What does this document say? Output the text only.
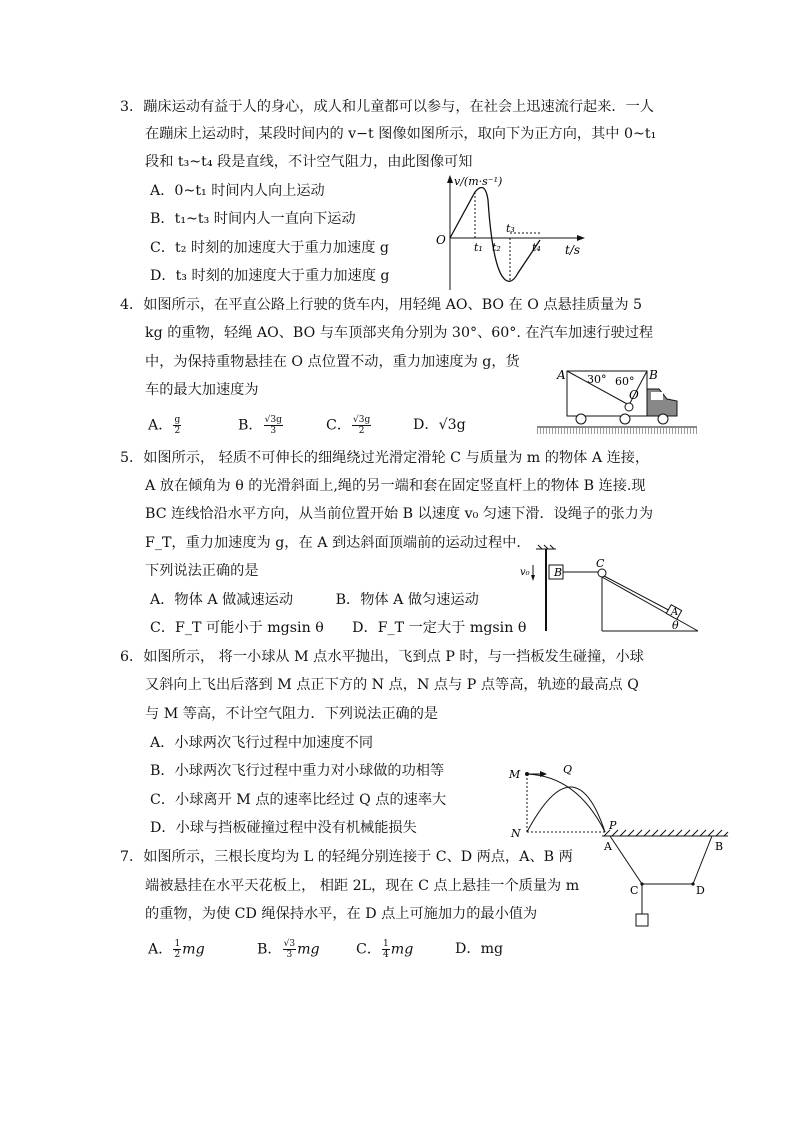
3．蹦床运动有益于人的身心，成人和儿童都可以参与，在社会上迅速流行起来．一人
在蹦床上运动时，某段时间内的 v−t 图像如图所示，取向下为正方向，其中 0~t₁
段和 t₃~t₄ 段是直线，不计空气阻力，由此图像可知
A．0~t₁ 时间内人向上运动
B．t₁~t₃ 时间内人一直向下运动
C．t₂ 时刻的加速度大于重力加速度 g
D．t₃ 时刻的加速度大于重力加速度 g
v/(m·s⁻¹)
t/s
O
t₁ t₂
t₃
t₄
4．如图所示，在平直公路上行驶的货车内，用轻绳 AO、BO 在 O 点悬挂质量为 5
kg 的重物，轻绳 AO、BO 与车顶部夹角分别为 30°、60°. 在汽车加速行驶过程
中，为保持重物悬挂在 O 点位置不动，重力加速度为 g，货
车的最大加速度为
A． $\frac{g}{2}$	B． $\frac{√3g}{3}$	C． $\frac{√3g}{2}$	D．√3g
A	B
O
30° 60°
5．如图所示， 轻质不可伸长的细绳绕过光滑定滑轮 C 与质量为 m 的物体 A 连接，
A 放在倾角为 θ 的光滑斜面上,绳的另一端和套在固定竖直杆上的物体 B 连接.现
BC 连线恰沿水平方向，从当前位置开始 B 以速度 v₀ 匀速下滑．设绳子的张力为
F_T，重力加速度为 g，在 A 到达斜面顶端前的运动过程中．
下列说法正确的是
A．物体 A 做减速运动　　　B．物体 A 做匀速运动
C．F_T 可能小于 mgsin θ　　D．F_T 一定大于 mgsin θ
B
C
A
v₀
θ
6．如图所示， 将一小球从 M 点水平抛出，飞到点 P 时，与一挡板发生碰撞，小球
又斜向上飞出后落到 M 点正下方的 N 点，N 点与 P 点等高，轨迹的最高点 Q
与 M 等高，不计空气阻力．下列说法正确的是
A．小球两次飞行过程中加速度不同
B．小球两次飞行过程中重力对小球做的功相等
C．小球离开 M 点的速率比经过 Q 点的速率大
D．小球与挡板碰撞过程中没有机械能损失
M	Q
N
P
7．如图所示，三根长度均为 L 的轻绳分别连接于 C、D 两点，A、B 两
端被悬挂在水平天花板上， 相距 2L，现在 C 点上悬挂一个质量为 m
的重物，为使 CD 绳保持水平，在 D 点上可施加力的最小值为
A． $\frac{1}{2}$ mg	B． $\frac{√3}{3}$ mg	C． $\frac{1}{4}$ mg	D．mg
A	B
C	D
